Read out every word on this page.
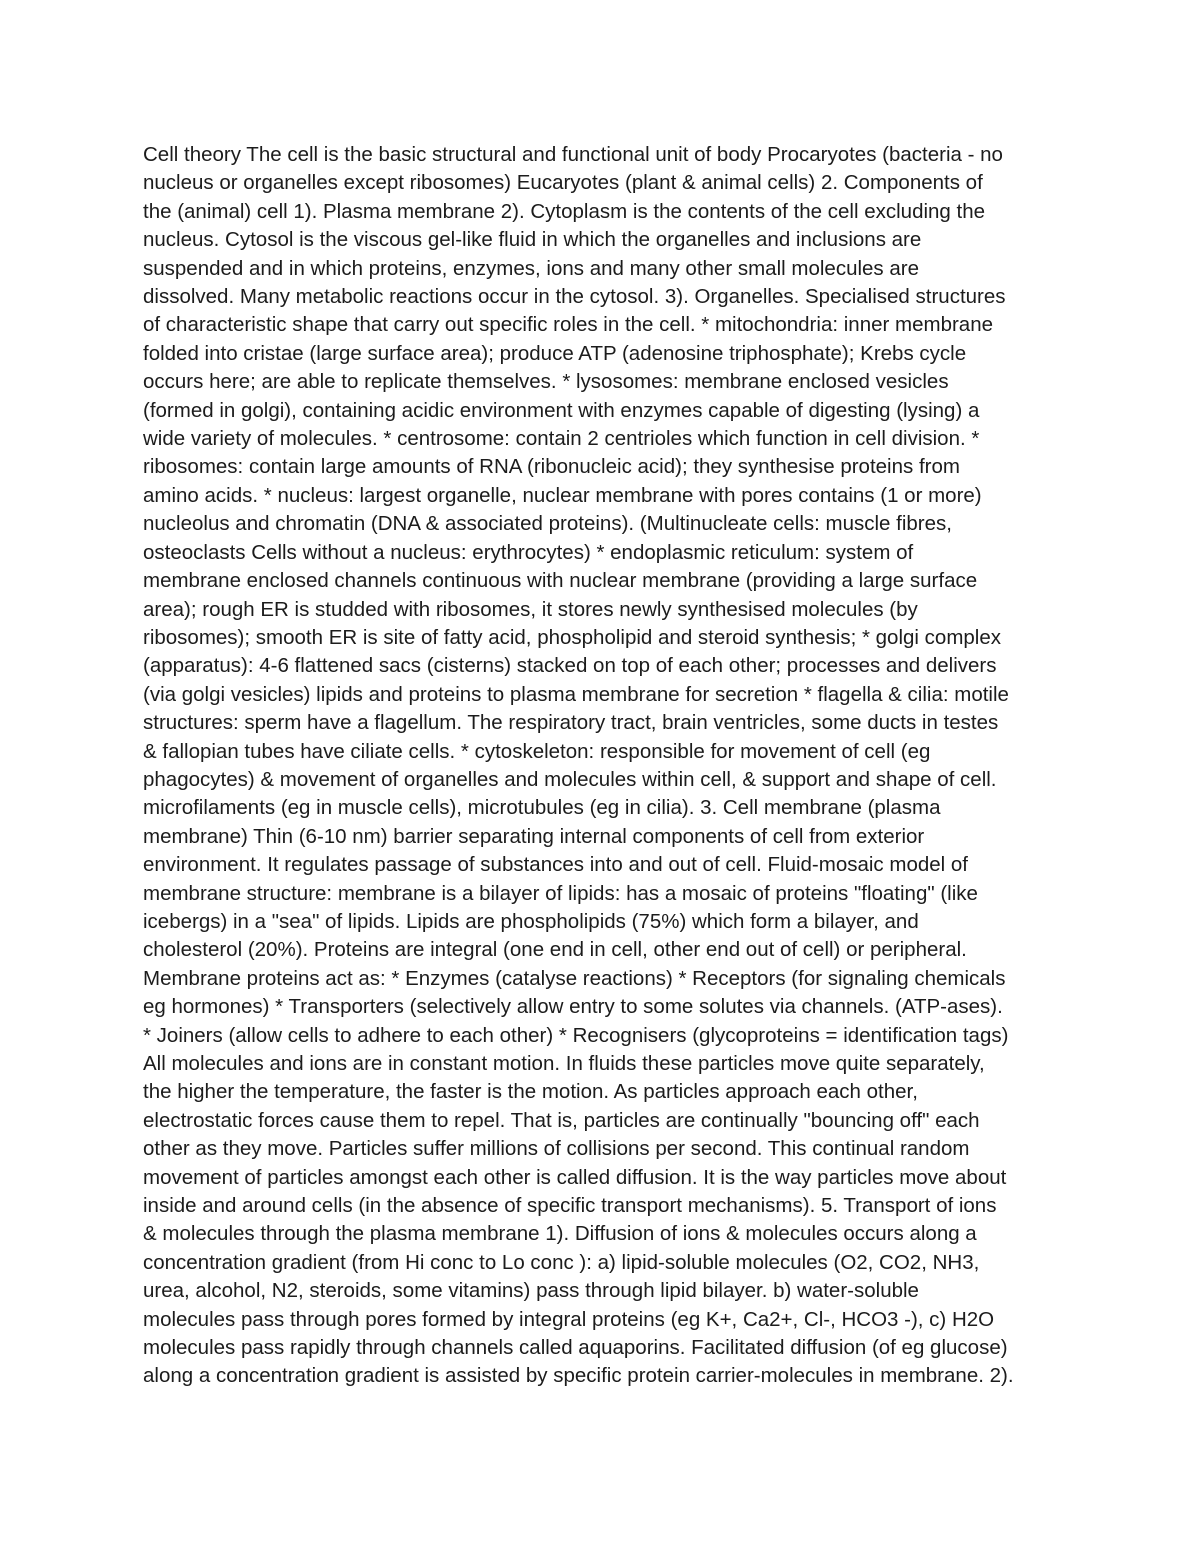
Cell theory The cell is the basic structural and functional unit of body Procaryotes (bacteria - no
nucleus or organelles except ribosomes) Eucaryotes (plant & animal cells) 2. Components of
the (animal) cell 1). Plasma membrane 2). Cytoplasm is the contents of the cell excluding the
nucleus. Cytosol is the viscous gel-like fluid in which the organelles and inclusions are
suspended and in which proteins, enzymes, ions and many other small molecules are
dissolved. Many metabolic reactions occur in the cytosol. 3). Organelles. Specialised structures
of characteristic shape that carry out specific roles in the cell. * mitochondria: inner membrane
folded into cristae (large surface area); produce ATP (adenosine triphosphate); Krebs cycle
occurs here; are able to replicate themselves. * lysosomes: membrane enclosed vesicles
(formed in golgi), containing acidic environment with enzymes capable of digesting (lysing) a
wide variety of molecules. * centrosome: contain 2 centrioles which function in cell division. *
ribosomes: contain large amounts of RNA (ribonucleic acid); they synthesise proteins from
amino acids. * nucleus: largest organelle, nuclear membrane with pores contains (1 or more)
nucleolus and chromatin (DNA & associated proteins). (Multinucleate cells: muscle fibres,
osteoclasts Cells without a nucleus: erythrocytes) * endoplasmic reticulum: system of
membrane enclosed channels continuous with nuclear membrane (providing a large surface
area); rough ER is studded with ribosomes, it stores newly synthesised molecules (by
ribosomes); smooth ER is site of fatty acid, phospholipid and steroid synthesis; * golgi complex
(apparatus): 4-6 flattened sacs (cisterns) stacked on top of each other; processes and delivers
(via golgi vesicles) lipids and proteins to plasma membrane for secretion * flagella & cilia: motile
structures: sperm have a flagellum. The respiratory tract, brain ventricles, some ducts in testes
& fallopian tubes have ciliate cells. * cytoskeleton: responsible for movement of cell (eg
phagocytes) & movement of organelles and molecules within cell, & support and shape of cell.
microfilaments (eg in muscle cells), microtubules (eg in cilia). 3. Cell membrane (plasma
membrane) Thin (6-10 nm) barrier separating internal components of cell from exterior
environment. It regulates passage of substances into and out of cell. Fluid-mosaic model of
membrane structure: membrane is a bilayer of lipids: has a mosaic of proteins "floating" (like
icebergs) in a "sea" of lipids. Lipids are phospholipids (75%) which form a bilayer, and
cholesterol (20%). Proteins are integral (one end in cell, other end out of cell) or peripheral.
Membrane proteins act as: * Enzymes (catalyse reactions) * Receptors (for signaling chemicals
eg hormones) * Transporters (selectively allow entry to some solutes via channels. (ATP-ases).
* Joiners (allow cells to adhere to each other) * Recognisers (glycoproteins = identification tags)
All molecules and ions are in constant motion. In fluids these particles move quite separately,
the higher the temperature, the faster is the motion. As particles approach each other,
electrostatic forces cause them to repel. That is, particles are continually "bouncing off" each
other as they move. Particles suffer millions of collisions per second. This continual random
movement of particles amongst each other is called diffusion. It is the way particles move about
inside and around cells (in the absence of specific transport mechanisms). 5. Transport of ions
& molecules through the plasma membrane 1). Diffusion of ions & molecules occurs along a
concentration gradient (from Hi conc to Lo conc ): a) lipid-soluble molecules (O2, CO2, NH3,
urea, alcohol, N2, steroids, some vitamins) pass through lipid bilayer. b) water-soluble
molecules pass through pores formed by integral proteins (eg K+, Ca2+, Cl-, HCO3 -), c) H2O
molecules pass rapidly through channels called aquaporins. Facilitated diffusion (of eg glucose)
along a concentration gradient is assisted by specific protein carrier-molecules in membrane. 2).
